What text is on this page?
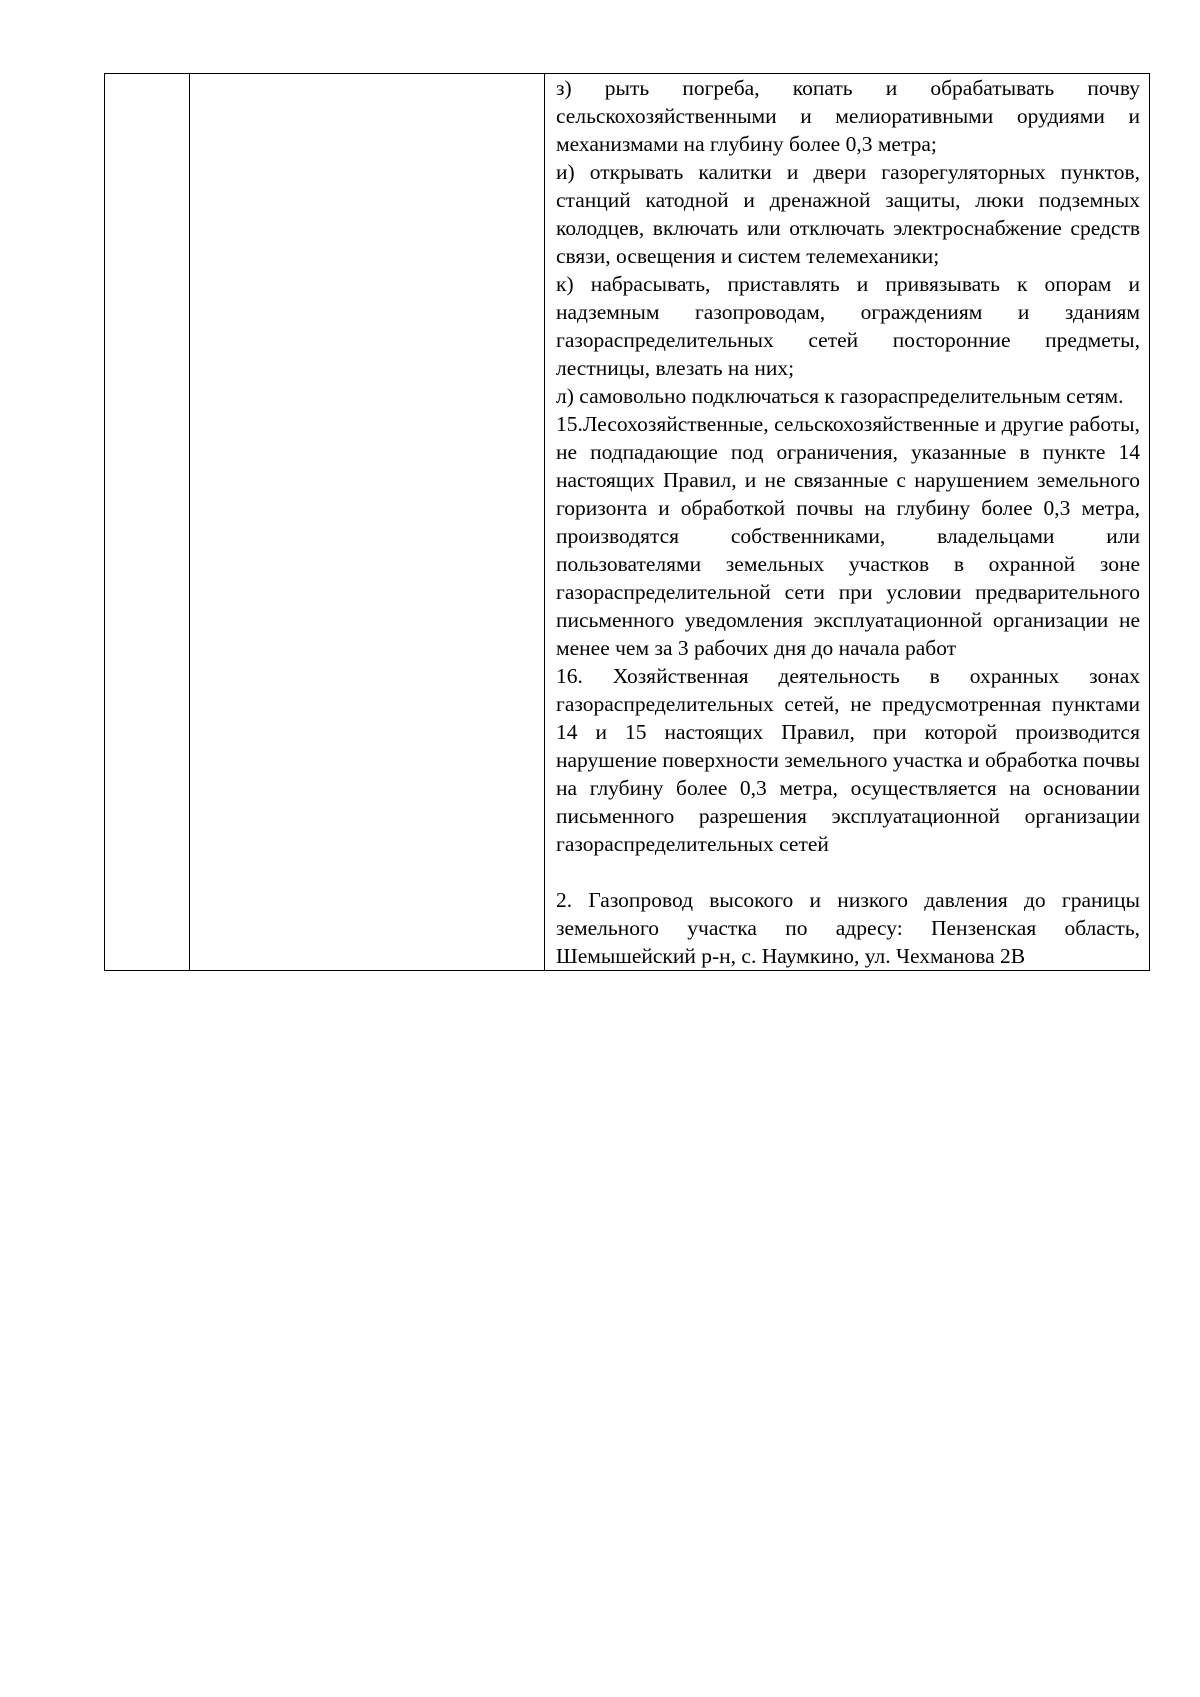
з) рыть погреба, копать и обрабатывать почву сельскохозяйственными и мелиоративными орудиями и механизмами на глубину более 0,3 метра;

и) открывать калитки и двери газорегуляторных пунктов, станций катодной и дренажной защиты, люки подземных колодцев, включать или отключать электроснабжение средств связи, освещения и систем телемеханики;

к) набрасывать, приставлять и привязывать к опорам и надземным газопроводам, ограждениям и зданиям газораспределительных сетей посторонние предметы, лестницы, влезать на них;

л) самовольно подключаться к газораспределительным сетям.

15.Лесохозяйственные, сельскохозяйственные и другие работы, не подпадающие под ограничения, указанные в пункте 14 настоящих Правил, и не связанные с нарушением земельного горизонта и обработкой почвы на глубину более 0,3 метра, производятся собственниками, владельцами или пользователями земельных участков в охранной зоне газораспределительной сети при условии предварительного письменного уведомления эксплуатационной организации не менее чем за 3 рабочих дня до начала работ

16. Хозяйственная деятельность в охранных зонах газораспределительных сетей, не предусмотренная пунктами 14 и 15 настоящих Правил, при которой производится нарушение поверхности земельного участка и обработка почвы на глубину более 0,3 метра, осуществляется на основании письменного разрешения эксплуатационной организации газораспределительных сетей

2. Газопровод высокого и низкого давления до границы земельного участка по адресу: Пензенская область, Шемышейский р-н, с. Наумкино, ул. Чехманова 2В
